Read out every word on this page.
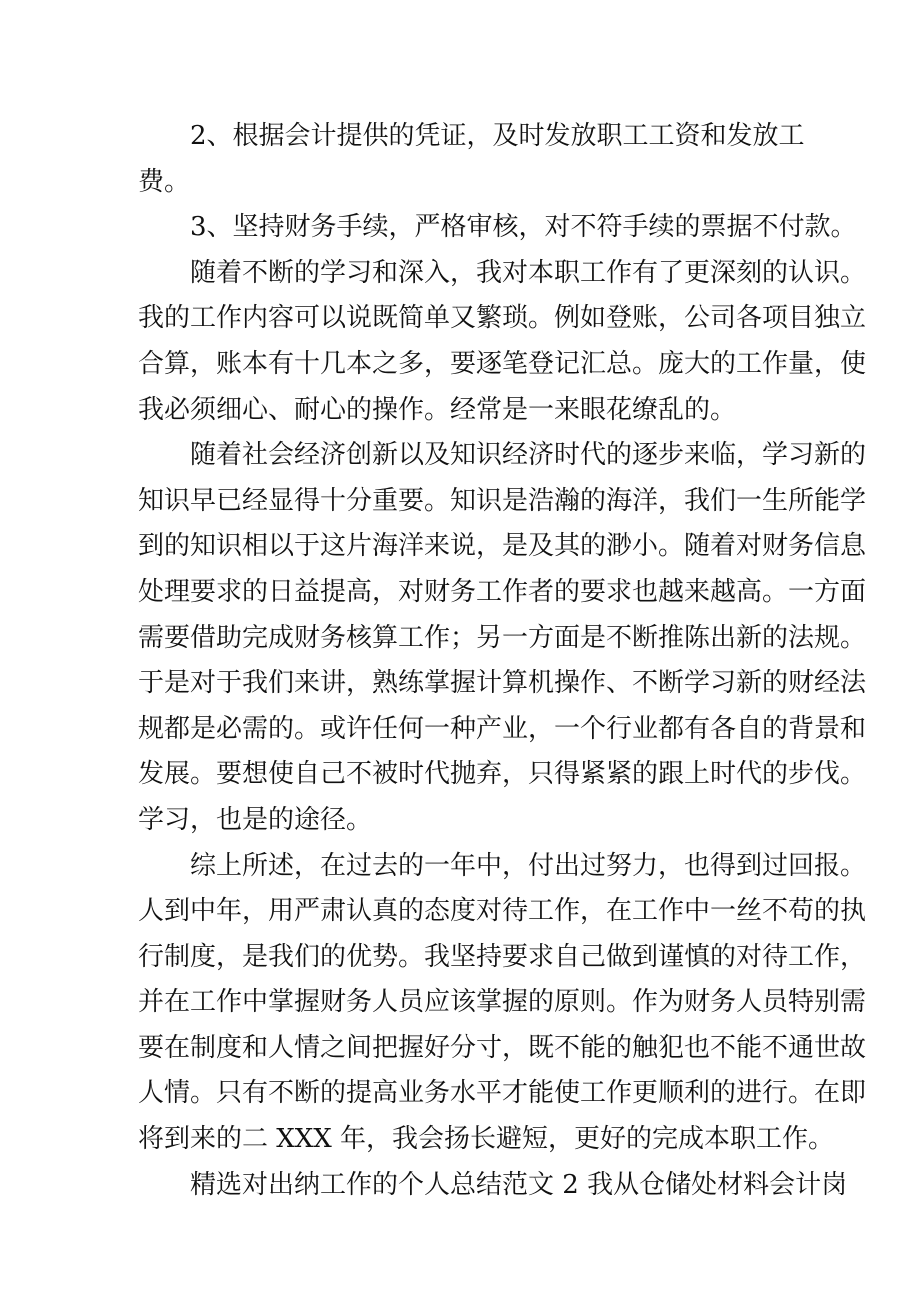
2、根据会计提供的凭证，及时发放职工工资和发放工
费。
3、坚持财务手续，严格审核，对不符手续的票据不付款。
随着不断的学习和深入，我对本职工作有了更深刻的认识。
我的工作内容可以说既简单又繁琐。例如登账，公司各项目独立
合算，账本有十几本之多，要逐笔登记汇总。庞大的工作量，使
我必须细心、耐心的操作。经常是一来眼花缭乱的。
随着社会经济创新以及知识经济时代的逐步来临，学习新的
知识早已经显得十分重要。知识是浩瀚的海洋，我们一生所能学
到的知识相以于这片海洋来说，是及其的渺小。随着对财务信息
处理要求的日益提高，对财务工作者的要求也越来越高。一方面
需要借助完成财务核算工作；另一方面是不断推陈出新的法规。
于是对于我们来讲，熟练掌握计算机操作、不断学习新的财经法
规都是必需的。或许任何一种产业，一个行业都有各自的背景和
发展。要想使自己不被时代抛弃，只得紧紧的跟上时代的步伐。
学习，也是的途径。
综上所述，在过去的一年中，付出过努力，也得到过回报。
人到中年，用严肃认真的态度对待工作，在工作中一丝不苟的执
行制度，是我们的优势。我坚持要求自己做到谨慎的对待工作，
并在工作中掌握财务人员应该掌握的原则。作为财务人员特别需
要在制度和人情之间把握好分寸，既不能的触犯也不能不通世故
人情。只有不断的提高业务水平才能使工作更顺利的进行。在即
将到来的二 XXX 年，我会扬长避短，更好的完成本职工作。
精选对出纳工作的个人总结范文 2 我从仓储处材料会计岗
